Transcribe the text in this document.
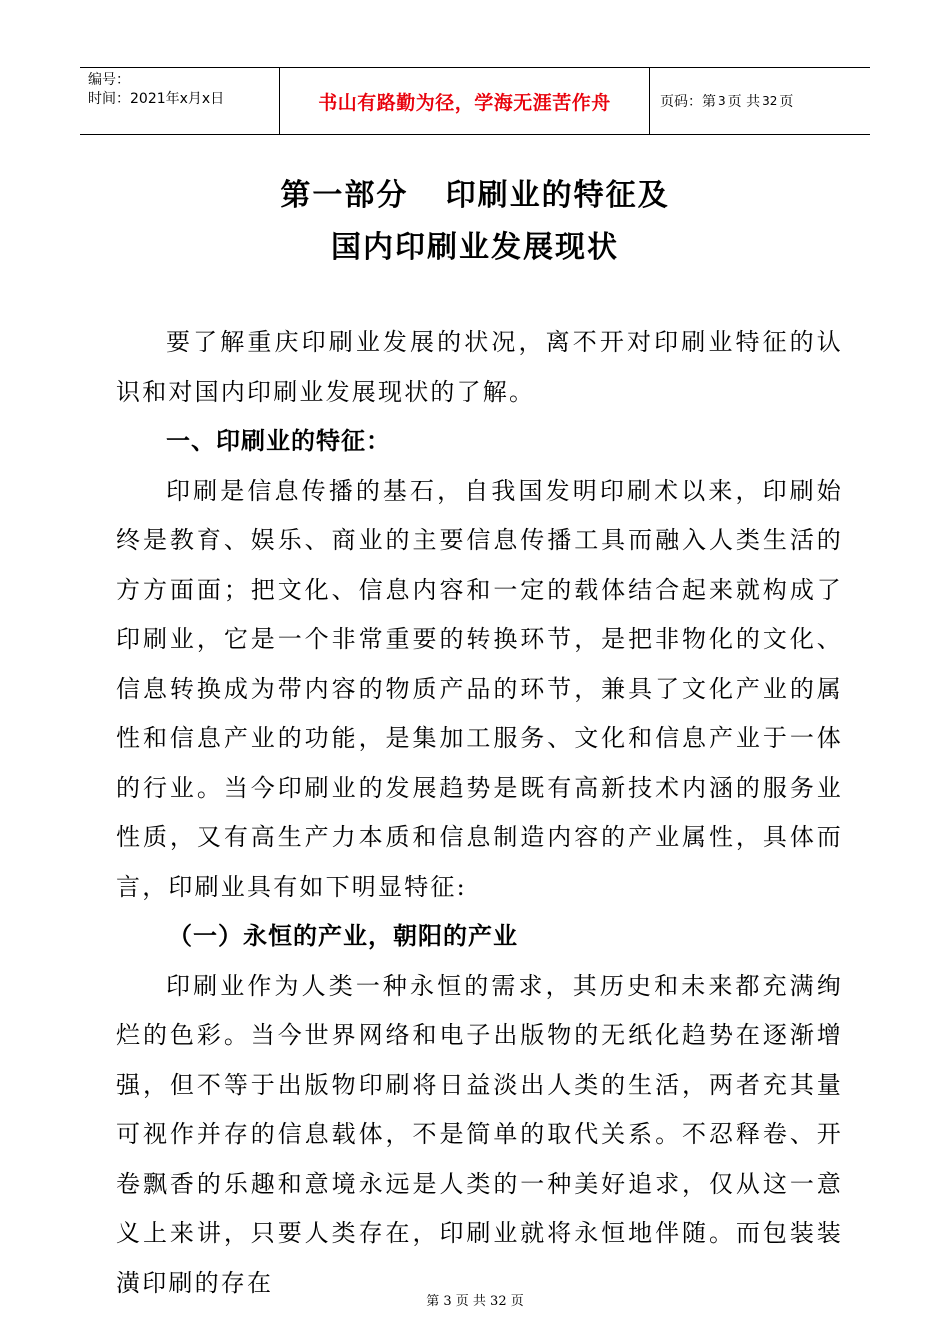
编号：
时间：2021年x月x日	书山有路勤为径，学海无涯苦作舟	页码：第 3 页 共 32 页
第一部分   印刷业的特征及
国内印刷业发展现状

要了解重庆印刷业发展的状况，离不开对印刷业特征的认识和对国内印刷业发展现状的了解。

一、印刷业的特征：

印刷是信息传播的基石，自我国发明印刷术以来，印刷始终是教育、娱乐、商业的主要信息传播工具而融入人类生活的方方面面；把文化、信息内容和一定的载体结合起来就构成了印刷业，它是一个非常重要的转换环节，是把非物化的文化、信息转换成为带内容的物质产品的环节，兼具了文化产业的属性和信息产业的功能，是集加工服务、文化和信息产业于一体的行业。当今印刷业的发展趋势是既有高新技术内涵的服务业性质，又有高生产力本质和信息制造内容的产业属性，具体而言，印刷业具有如下明显特征:

（一）永恒的产业，朝阳的产业

印刷业作为人类一种永恒的需求，其历史和未来都充满绚烂的色彩。当今世界网络和电子出版物的无纸化趋势在逐渐增强，但不等于出版物印刷将日益淡出人类的生活，两者充其量可视作并存的信息载体，不是简单的取代关系。不忍释卷、开卷飘香的乐趣和意境永远是人类的一种美好追求，仅从这一意义上来讲，只要人类存在，印刷业就将永恒地伴随。而包装装潢印刷的存在

第 3 页 共 32 页
